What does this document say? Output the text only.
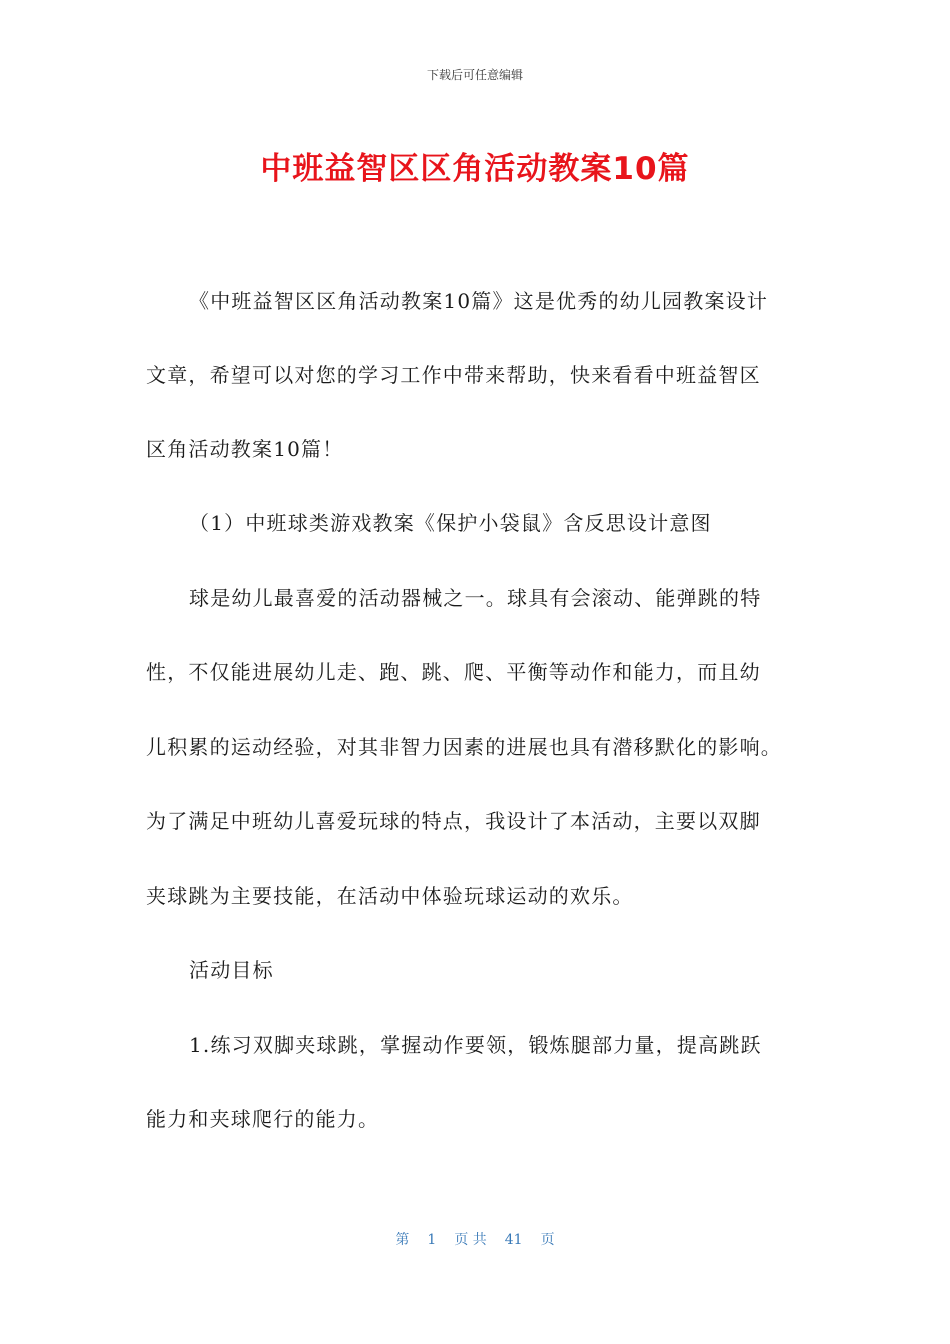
下载后可任意编辑
中班益智区区角活动教案10篇
《中班益智区区角活动教案10篇》这是优秀的幼儿园教案设计
文章，希望可以对您的学习工作中带来帮助，快来看看中班益智区
区角活动教案10篇！
（1）中班球类游戏教案《保护小袋鼠》含反思设计意图
球是幼儿最喜爱的活动器械之一。球具有会滚动、能弹跳的特
性，不仅能进展幼儿走、跑、跳、爬、平衡等动作和能力，而且幼
儿积累的运动经验，对其非智力因素的进展也具有潜移默化的影响。
为了满足中班幼儿喜爱玩球的特点，我设计了本活动，主要以双脚
夹球跳为主要技能，在活动中体验玩球运动的欢乐。
活动目标
1.练习双脚夹球跳，掌握动作要领，锻炼腿部力量，提高跳跃
能力和夹球爬行的能力。
第 1 页 共 41 页
